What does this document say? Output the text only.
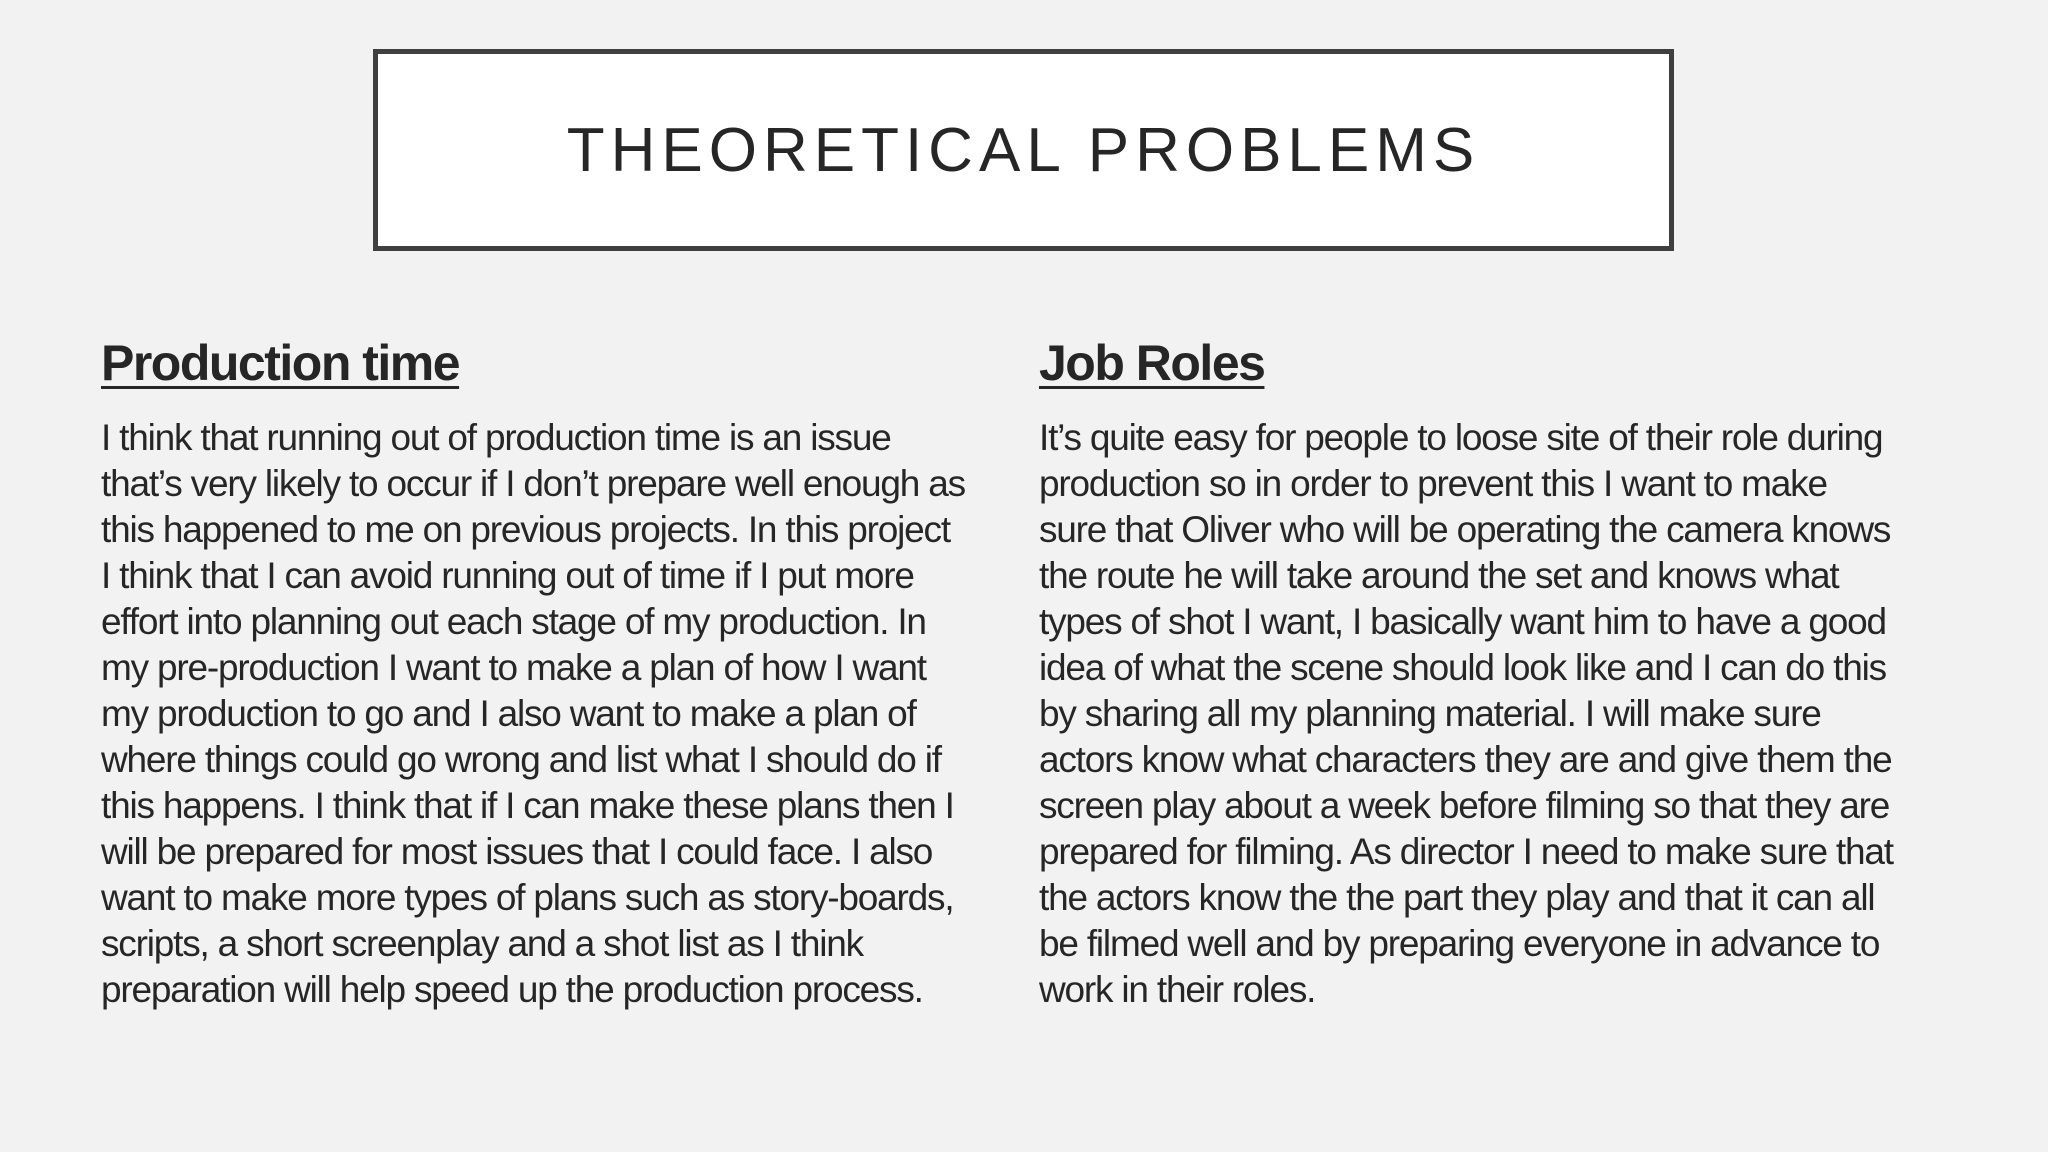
THEORETICAL PROBLEMS
Production time
I think that running out of production time is an issue
that’s very likely to occur if I don’t prepare well enough as
this happened to me on previous projects. In this project
I think that I can avoid running out of time if I put more
effort into planning out each stage of my production. In
my pre-production I want to make a plan of how I want
my production to go and I also want to make a plan of
where things could go wrong and list what I should do if
this happens. I think that if I can make these plans then I
will be prepared for most issues that I could face. I also
want to make more types of plans such as story-boards,
scripts, a short screenplay and a shot list as I think
preparation will help speed up the production process.
Job Roles
It’s quite easy for people to loose site of their role during
production so in order to prevent this I want to make
sure that Oliver who will be operating the camera knows
the route he will take around the set and knows what
types of shot I want, I basically want him to have a good
idea of what the scene should look like and I can do this
by sharing all my planning material. I will make sure
actors know what characters they are and give them the
screen play about a week before filming so that they are
prepared for filming. As director I need to make sure that
the actors know the the part they play and that it can all
be filmed well and by preparing everyone in advance to
work in their roles.
